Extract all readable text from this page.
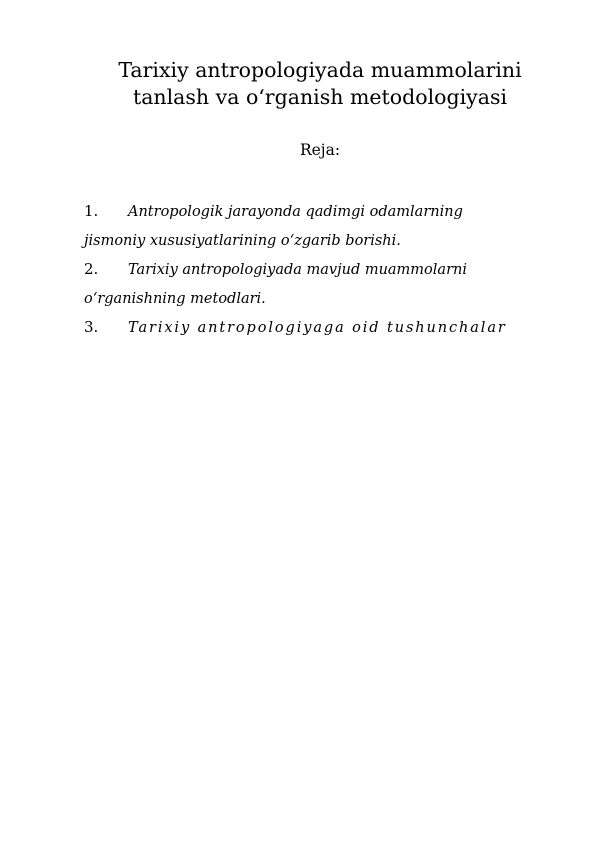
Tarixiy antropologiyada muammolarini
tanlash va o‘rganish metodologiyasi

Reja:

1. Antropologik jarayonda qadimgi odamlarning
jismoniy xususiyatlarining o‘zgarib borishi.
2. Tarixiy antropologiyada mavjud muammolarni
o‘rganishning metodlari.
3. Tarixiy antropologiyaga oid tushunchalar
